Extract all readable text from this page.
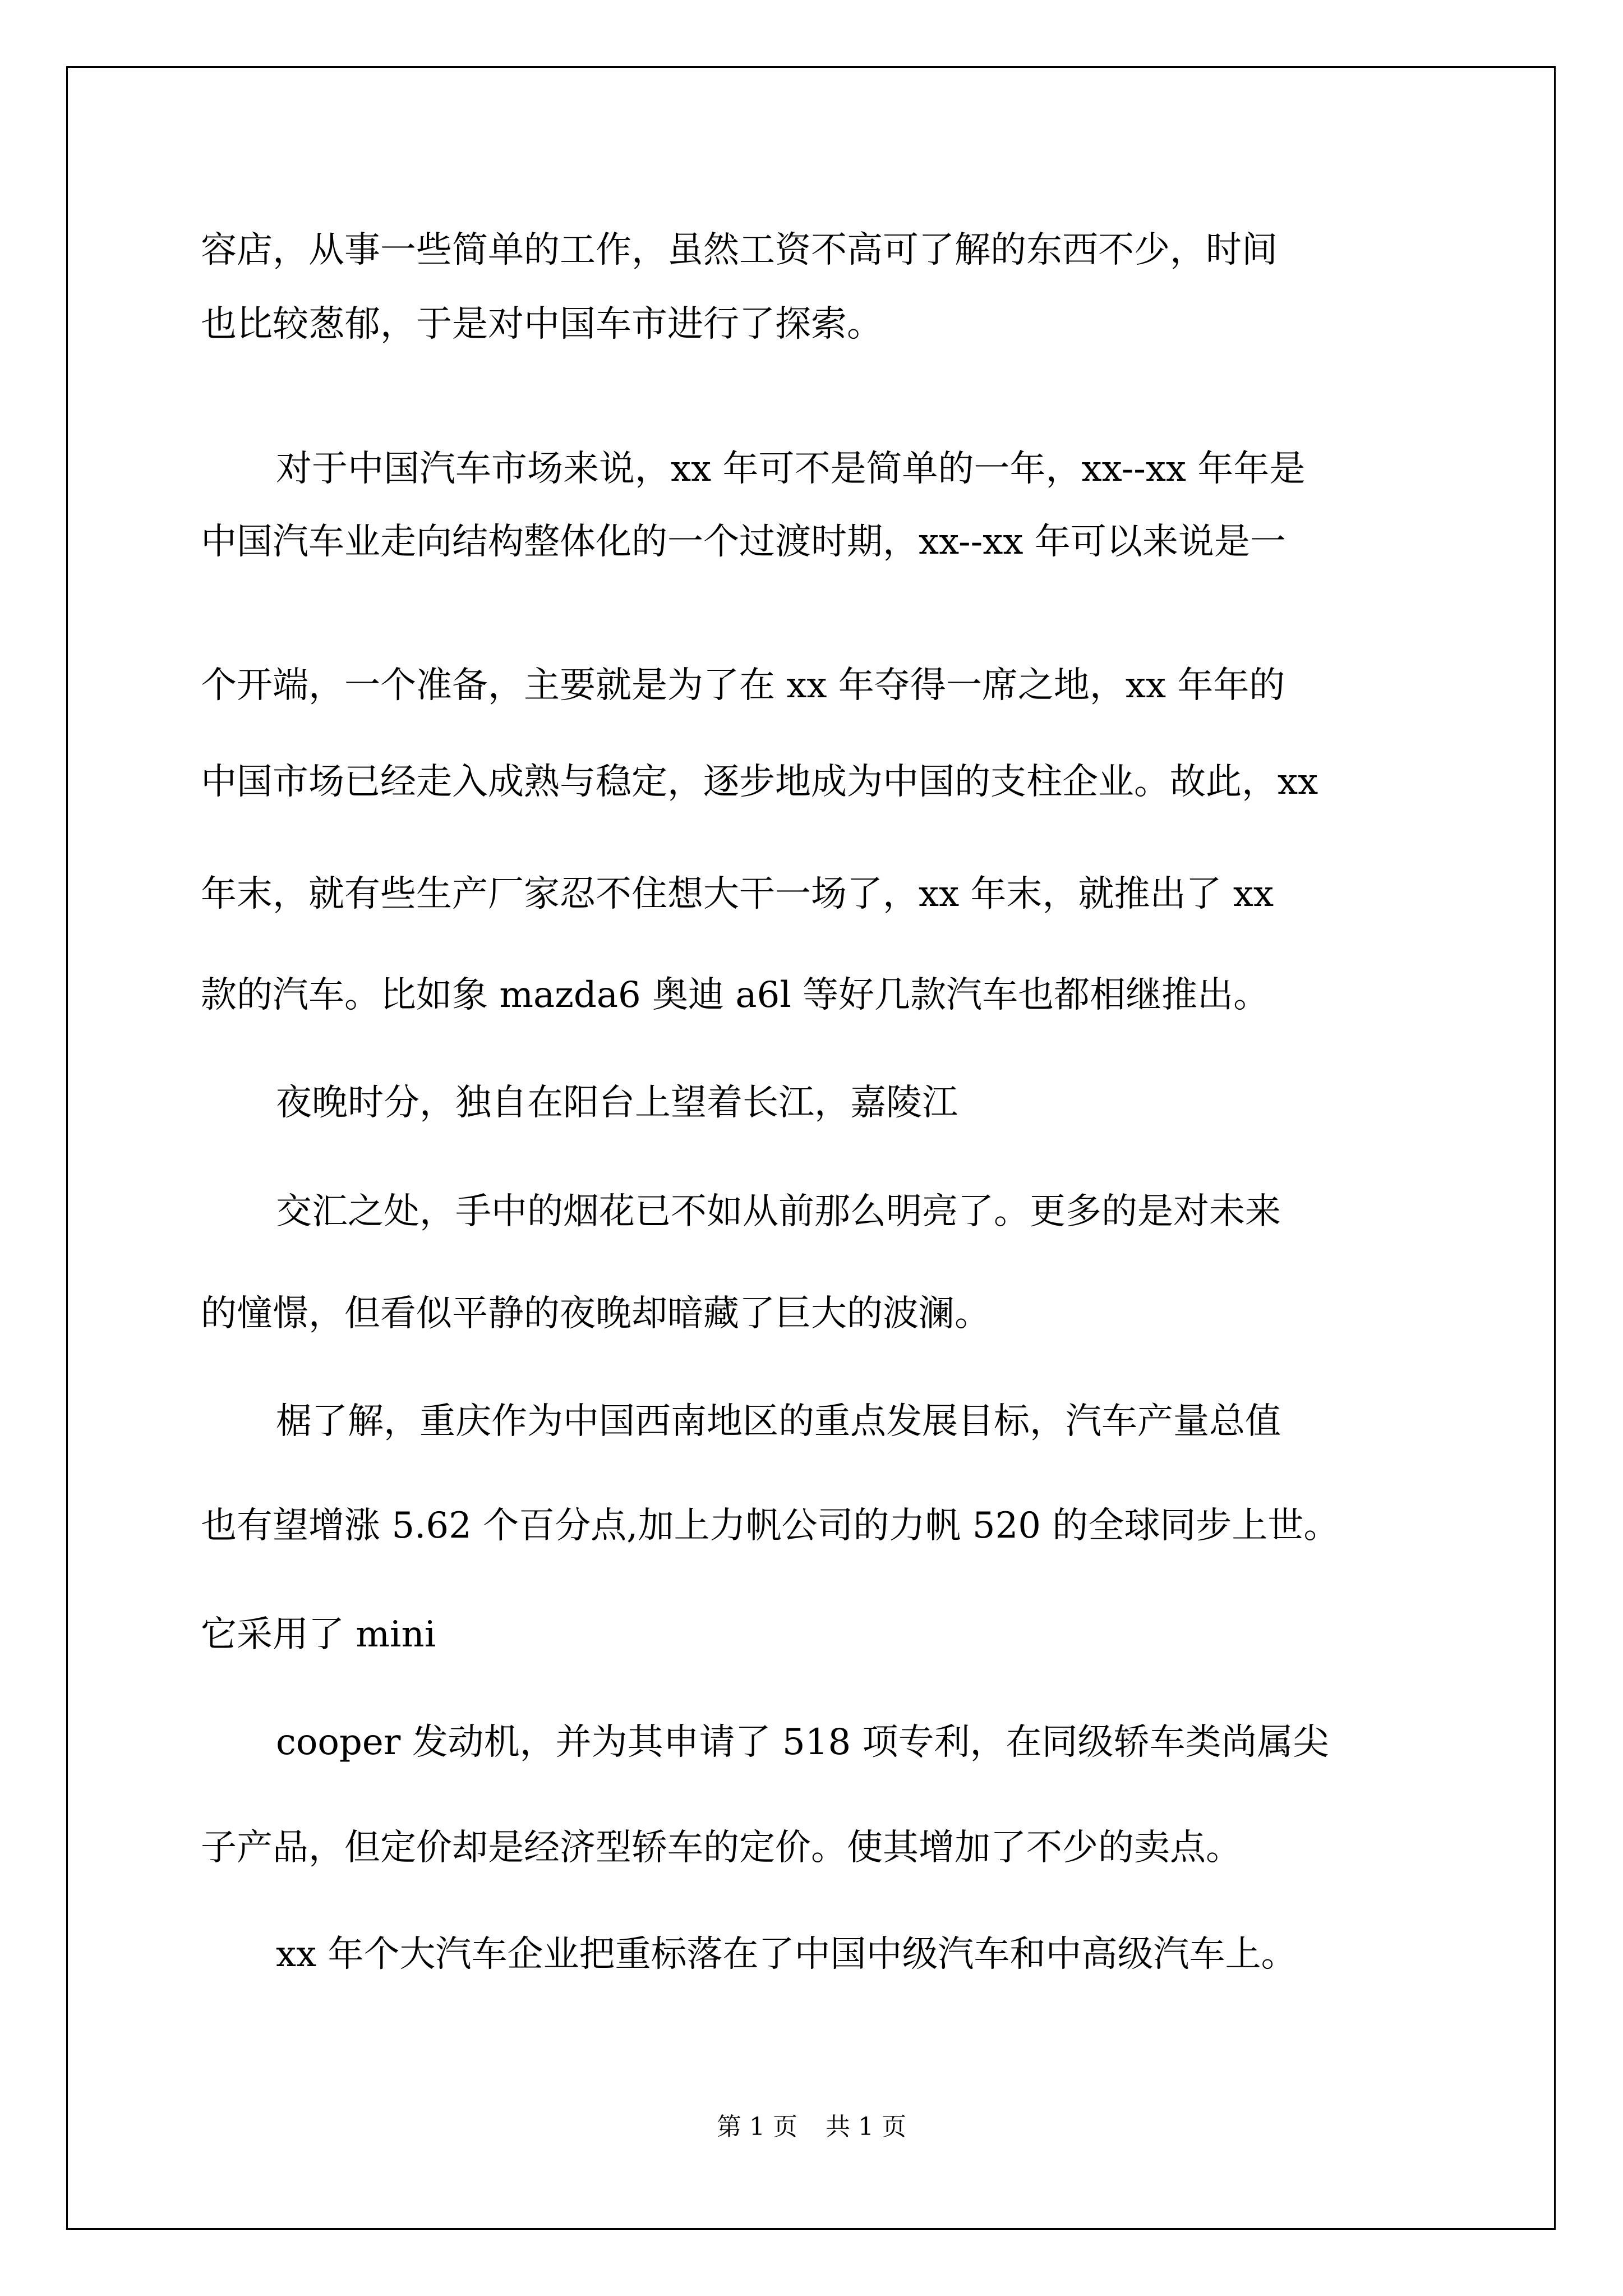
容店，从事一些简单的工作，虽然工资不高可了解的东西不少，时间

也比较葱郁，于是对中国车市进行了探索。

对于中国汽车市场来说，xx 年可不是简单的一年，xx--xx 年年是

中国汽车业走向结构整体化的一个过渡时期，xx--xx 年可以来说是一

个开端，一个准备，主要就是为了在 xx 年夺得一席之地，xx 年年的

中国市场已经走入成熟与稳定，逐步地成为中国的支柱企业。故此，xx

年末，就有些生产厂家忍不住想大干一场了，xx 年末，就推出了 xx

款的汽车。比如象 mazda6 奥迪 a6l 等好几款汽车也都相继推出。

夜晚时分，独自在阳台上望着长江，嘉陵江

交汇之处，手中的烟花已不如从前那么明亮了。更多的是对未来

的憧憬，但看似平静的夜晚却暗藏了巨大的波澜。

椐了解，重庆作为中国西南地区的重点发展目标，汽车产量总值

也有望增涨 5.62 个百分点,加上力帆公司的力帆 520 的全球同步上世。

它采用了 mini

cooper 发动机，并为其申请了 518 项专利，在同级轿车类尚属尖

子产品，但定价却是经济型轿车的定价。使其增加了不少的卖点。

xx 年个大汽车企业把重标落在了中国中级汽车和中高级汽车上。

第 1 页 共 1 页
